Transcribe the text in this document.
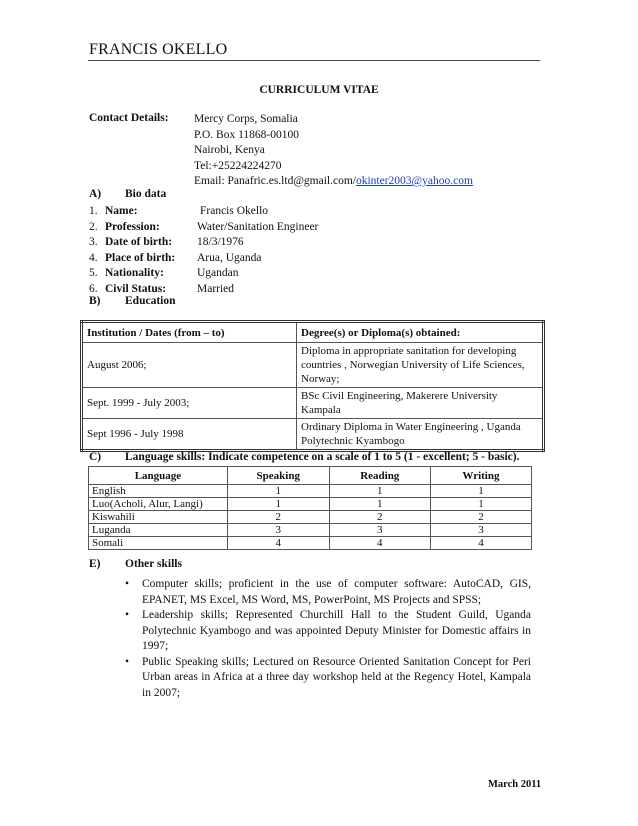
FRANCIS OKELLO
CURRICULUM VITAE
Contact Details: Mercy Corps, Somalia
P.O. Box 11868-00100
Nairobi, Kenya
Tel:+25224224270
Email: Panafric.es.ltd@gmail.com/okinter2003@yahoo.com
A) Bio data
1. Name:	Francis Okello
2. Profession:	Water/Sanitation Engineer
3. Date of birth:	18/3/1976
4. Place of birth:	Arua, Uganda
5. Nationality:	Ugandan
6. Civil Status:	Married
B) Education
Institution / Dates (from – to)	Degree(s) or Diploma(s) obtained:
August 2006;	Diploma in appropriate sanitation for developing countries , Norwegian University of Life Sciences, Norway;
Sept. 1999 - July 2003;	BSc Civil Engineering, Makerere University Kampala
Sept 1996 - July 1998	Ordinary Diploma in Water Engineering , Uganda Polytechnic Kyambogo
C) Language skills: Indicate competence on a scale of 1 to 5 (1 - excellent; 5 - basic).
Language	Speaking	Reading	Writing
English	1	1	1
Luo(Acholi, Alur, Langi)	1	1	1
Kiswahili	2	2	2
Luganda	3	3	3
Somali	4	4	4
E) Other skills
• Computer skills; proficient in the use of computer software: AutoCAD, GIS, EPANET, MS Excel, MS Word, MS, PowerPoint, MS Projects and SPSS;
• Leadership skills; Represented Churchill Hall to the Student Guild, Uganda Polytechnic Kyambogo and was appointed Deputy Minister for Domestic affairs in 1997;
• Public Speaking skills; Lectured on Resource Oriented Sanitation Concept for Peri Urban areas in Africa at a three day workshop held at the Regency Hotel, Kampala in 2007;
March 2011
